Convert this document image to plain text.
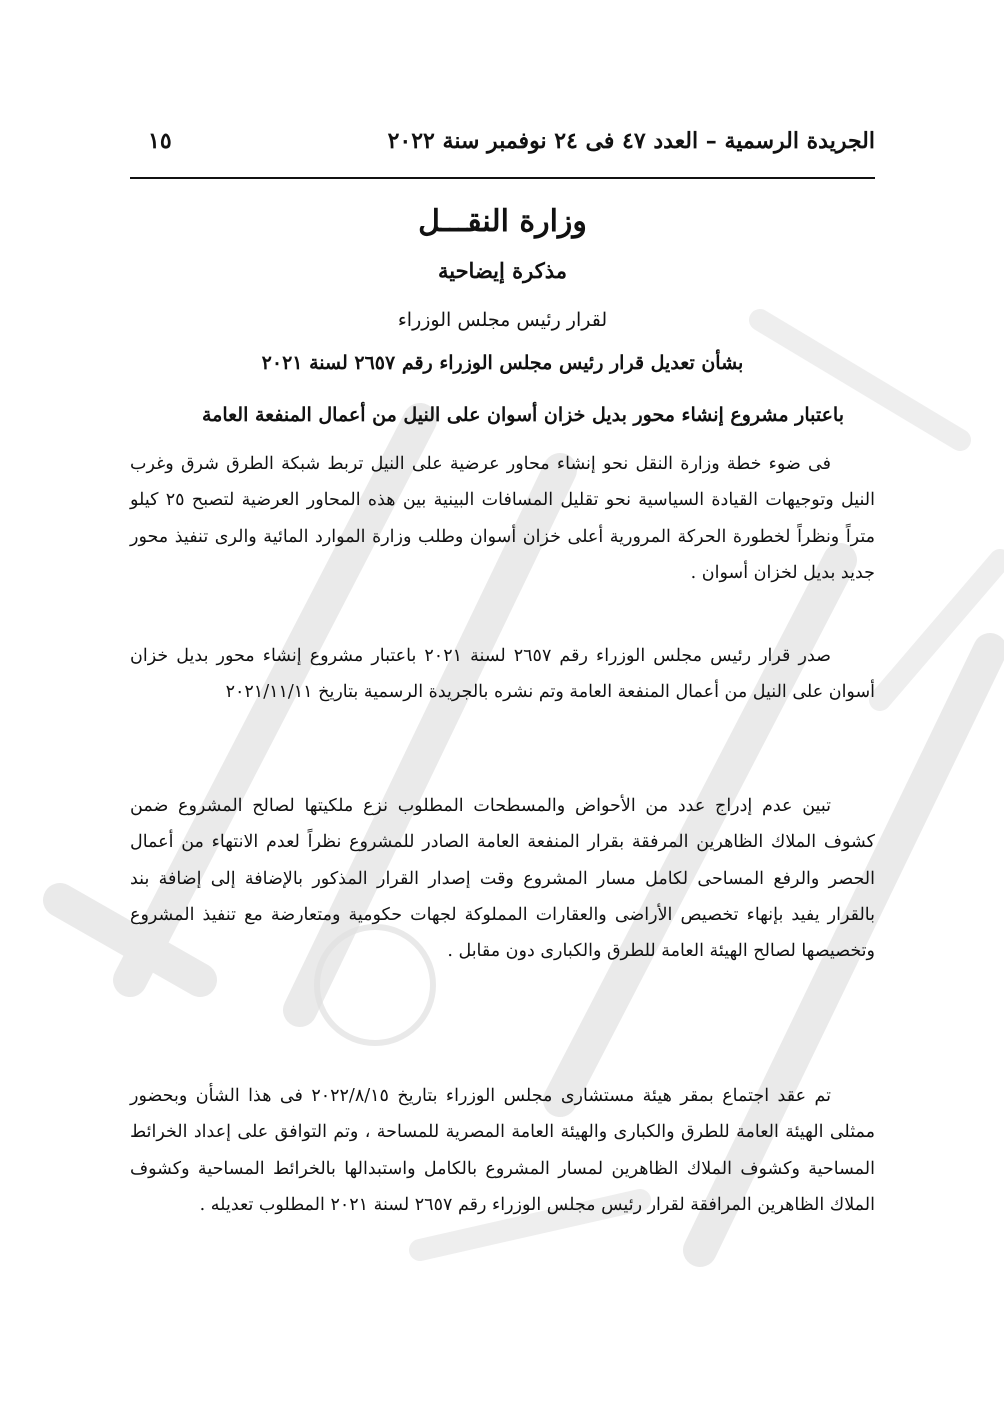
الجريدة الرسمية – العدد ٤٧ فى ٢٤ نوفمبر سنة ٢٠٢٢
١٥
وزارة النقـــل
مذكرة إيضاحية
لقرار رئيس مجلس الوزراء
بشأن تعديل قرار رئيس مجلس الوزراء رقم ٢٦٥٧ لسنة ٢٠٢١
باعتبار مشروع إنشاء محور بديل خزان أسوان على النيل من أعمال المنفعة العامة

فى ضوء خطة وزارة النقل نحو إنشاء محاور عرضية على النيل تربط شبكة الطرق شرق وغرب النيل وتوجيهات القيادة السياسية نحو تقليل المسافات البينية بين هذه المحاور العرضية لتصبح ٢٥ كيلو متراً ونظراً لخطورة الحركة المرورية أعلى خزان أسوان وطلب وزارة الموارد المائية والرى تنفيذ محور جديد بديل لخزان أسوان .

صدر قرار رئيس مجلس الوزراء رقم ٢٦٥٧ لسنة ٢٠٢١ باعتبار مشروع إنشاء محور بديل خزان أسوان على النيل من أعمال المنفعة العامة وتم نشره بالجريدة الرسمية بتاريخ ٢٠٢١/١١/١١

تبين عدم إدراج عدد من الأحواض والمسطحات المطلوب نزع ملكيتها لصالح المشروع ضمن كشوف الملاك الظاهرين المرفقة بقرار المنفعة العامة الصادر للمشروع نظراً لعدم الانتهاء من أعمال الحصر والرفع المساحى لكامل مسار المشروع وقت إصدار القرار المذكور بالإضافة إلى إضافة بند بالقرار يفيد بإنهاء تخصيص الأراضى والعقارات المملوكة لجهات حكومية ومتعارضة مع تنفيذ المشروع وتخصيصها لصالح الهيئة العامة للطرق والكبارى دون مقابل .

تم عقد اجتماع بمقر هيئة مستشارى مجلس الوزراء بتاريخ ٢٠٢٢/٨/١٥ فى هذا الشأن وبحضور ممثلى الهيئة العامة للطرق والكبارى والهيئة العامة المصرية للمساحة ، وتم التوافق على إعداد الخرائط المساحية وكشوف الملاك الظاهرين لمسار المشروع بالكامل واستبدالها بالخرائط المساحية وكشوف الملاك الظاهرين المرافقة لقرار رئيس مجلس الوزراء رقم ٢٦٥٧ لسنة ٢٠٢١ المطلوب تعديله .
